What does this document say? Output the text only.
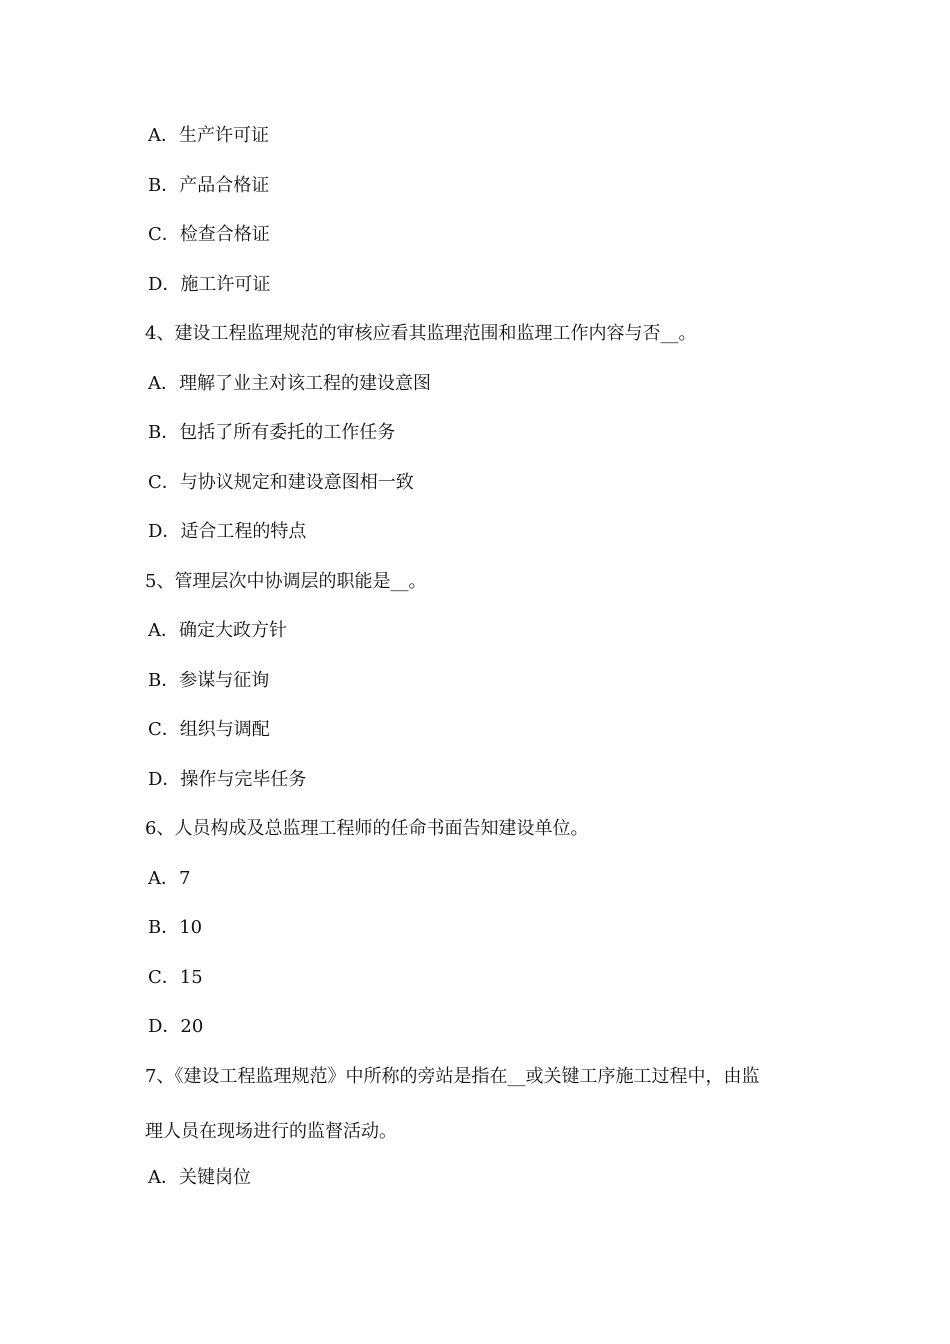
A．生产许可证
B．产品合格证
C．检查合格证
D．施工许可证
4、建设工程监理规范的审核应看其监理范围和监理工作内容与否__。
A．理解了业主对该工程的建设意图
B．包括了所有委托的工作任务
C．与协议规定和建设意图相一致
D．适合工程的特点
5、管理层次中协调层的职能是__。
A．确定大政方针
B．参谋与征询
C．组织与调配
D．操作与完毕任务
6、人员构成及总监理工程师的任命书面告知建设单位。
A．7
B．10
C．15
D．20
7、《建设工程监理规范》中所称的旁站是指在__或关键工序施工过程中，由监
理人员在现场进行的监督活动。
A．关键岗位
